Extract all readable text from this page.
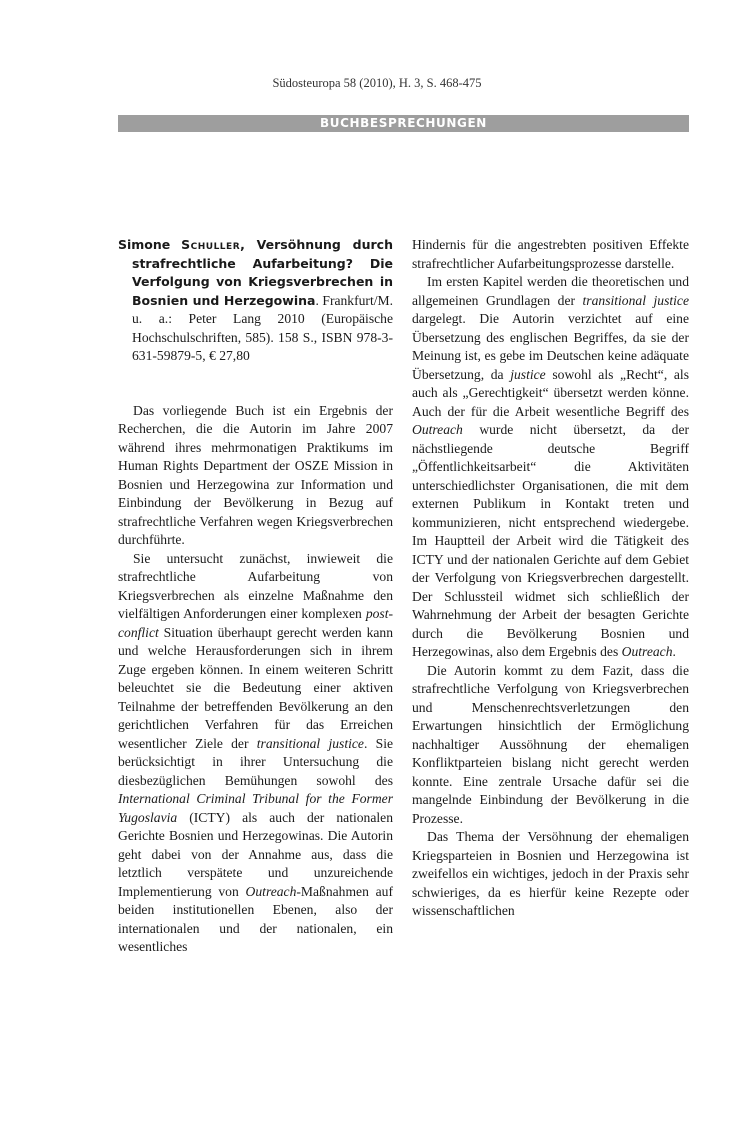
Südosteuropa 58 (2010), H. 3, S. 468-475
BUCHBESPRECHUNGEN

Simone Schuller, Versöhnung durch strafrechtliche Aufarbeitung? Die Verfolgung von Kriegsverbrechen in Bosnien und Herzegowina. Frankfurt/M. u. a.: Peter Lang 2010 (Europäische Hochschulschriften, 585). 158 S., ISBN 978-3-631-59879-5, € 27,80

Das vorliegende Buch ist ein Ergebnis der Recherchen, die die Autorin im Jahre 2007 während ihres mehrmonatigen Praktikums im Human Rights Department der OSZE Mission in Bosnien und Herzegowina zur Information und Einbindung der Bevölkerung in Bezug auf strafrechtliche Verfahren wegen Kriegsverbrechen durchführte.

Sie untersucht zunächst, inwieweit die strafrechtliche Aufarbeitung von Kriegsverbrechen als einzelne Maßnahme den vielfältigen Anforderungen einer komplexen post-conflict Situation überhaupt gerecht werden kann und welche Herausforderungen sich in ihrem Zuge ergeben können. In einem weiteren Schritt beleuchtet sie die Bedeutung einer aktiven Teilnahme der betreffenden Bevölkerung an den gerichtlichen Verfahren für das Erreichen wesentlicher Ziele der transitional justice. Sie berücksichtigt in ihrer Untersuchung die diesbezüglichen Bemühungen sowohl des International Criminal Tribunal for the Former Yugoslavia (ICTY) als auch der nationalen Gerichte Bosnien und Herzegowinas. Die Autorin geht dabei von der Annahme aus, dass die letztlich verspätete und unzureichende Implementierung von Outreach-Maßnahmen auf beiden institutionellen Ebenen, also der internationalen und der nationalen, ein wesentliches

Hindernis für die angestrebten positiven Effekte strafrechtlicher Aufarbeitungsprozesse darstelle.

Im ersten Kapitel werden die theoretischen und allgemeinen Grundlagen der transitional justice dargelegt. Die Autorin verzichtet auf eine Übersetzung des englischen Begriffes, da sie der Meinung ist, es gebe im Deutschen keine adäquate Übersetzung, da justice sowohl als „Recht“, als auch als „Gerechtigkeit“ übersetzt werden könne. Auch der für die Arbeit wesentliche Begriff des Outreach wurde nicht übersetzt, da der nächstliegende deutsche Begriff „Öffentlichkeitsarbeit“ die Aktivitäten unterschiedlichster Organisationen, die mit dem externen Publikum in Kontakt treten und kommunizieren, nicht entsprechend wiedergebe. Im Hauptteil der Arbeit wird die Tätigkeit des ICTY und der nationalen Gerichte auf dem Gebiet der Verfolgung von Kriegsverbrechen dargestellt. Der Schlussteil widmet sich schließlich der Wahrnehmung der Arbeit der besagten Gerichte durch die Bevölkerung Bosnien und Herzegowinas, also dem Ergebnis des Outreach.

Die Autorin kommt zu dem Fazit, dass die strafrechtliche Verfolgung von Kriegsverbrechen und Menschenrechtsverletzungen den Erwartungen hinsichtlich der Ermöglichung nachhaltiger Aussöhnung der ehemaligen Konfliktparteien bislang nicht gerecht werden konnte. Eine zentrale Ursache dafür sei die mangelnde Einbindung der Bevölkerung in die Prozesse.

Das Thema der Versöhnung der ehemaligen Kriegsparteien in Bosnien und Herzegowina ist zweifellos ein wichtiges, jedoch in der Praxis sehr schwieriges, da es hierfür keine Rezepte oder wissenschaftlichen
